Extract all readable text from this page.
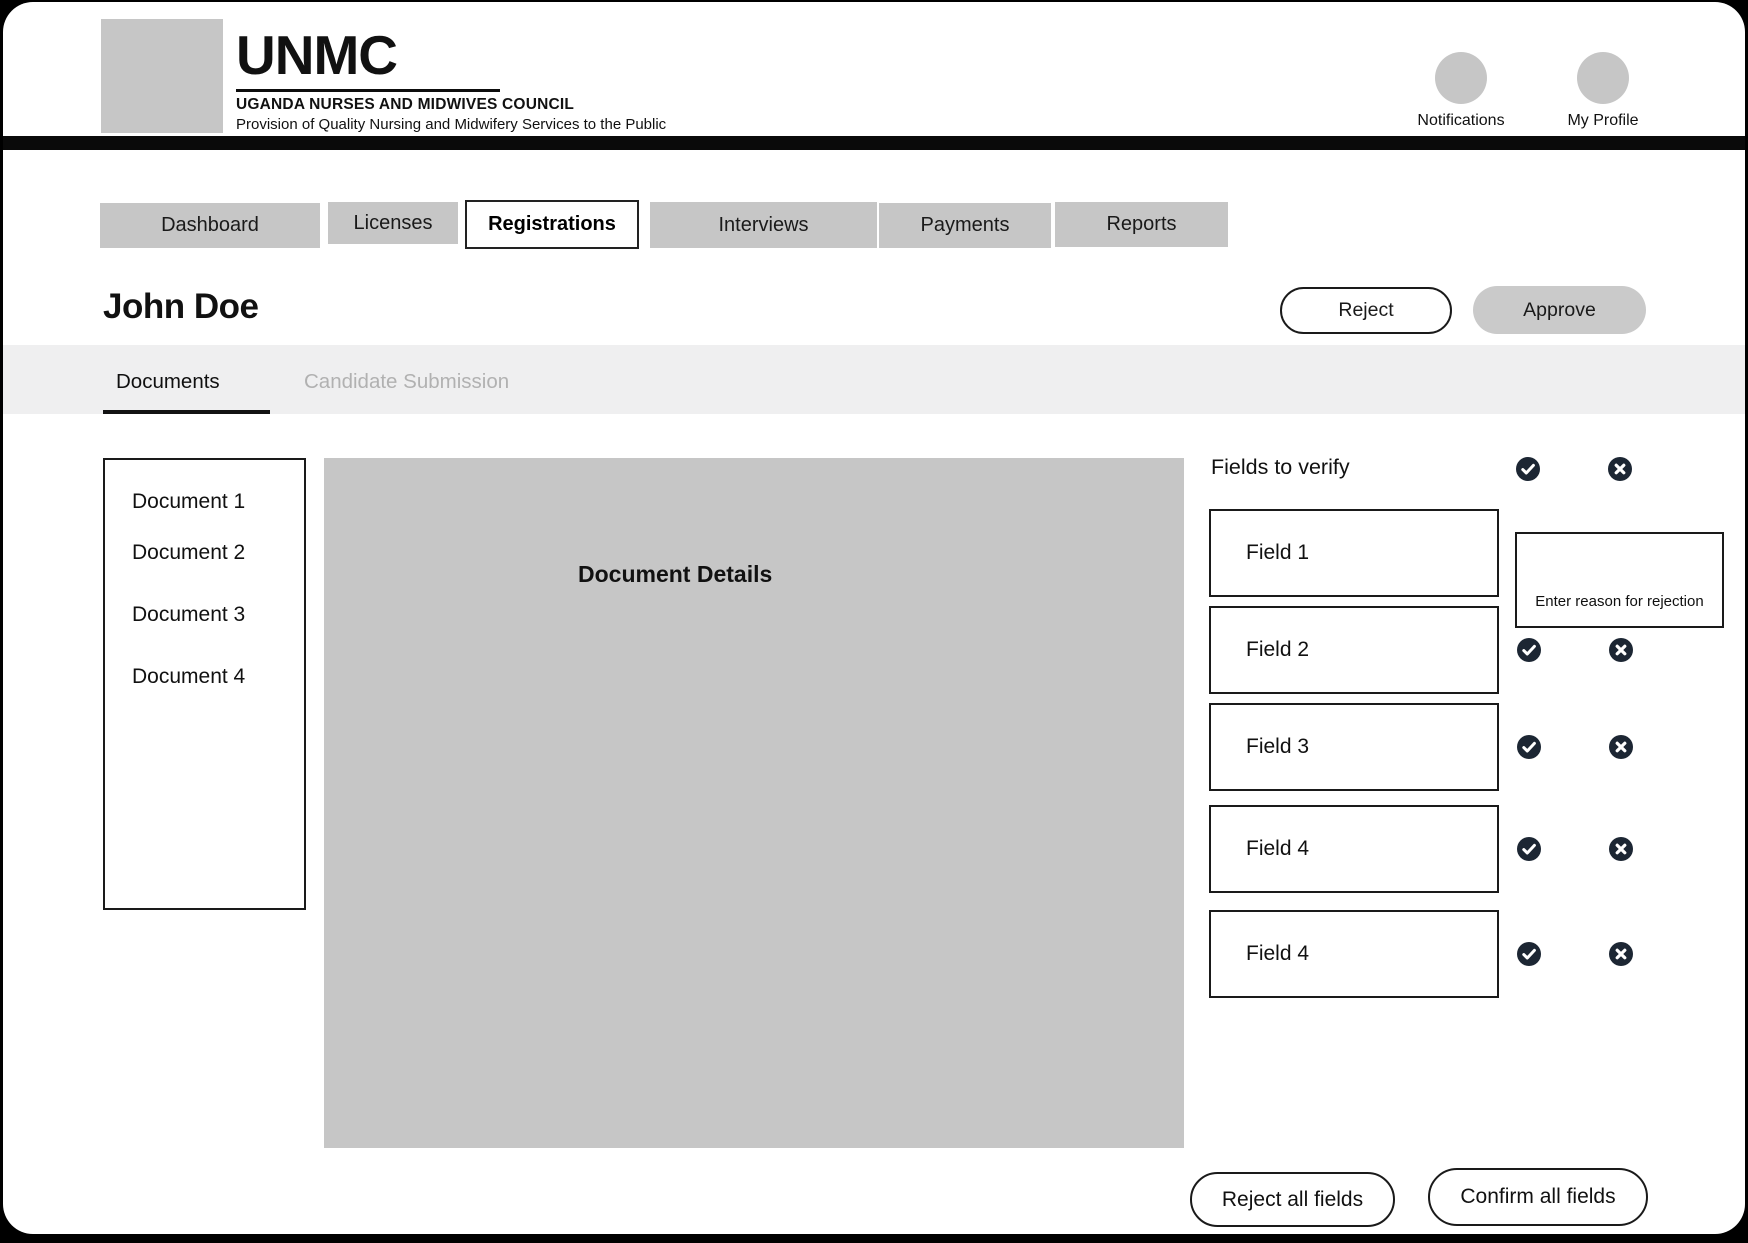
UNMC
UGANDA NURSES AND MIDWIVES COUNCIL
Provision of Quality Nursing and Midwifery Services to the Public	Notifications	My Profile
Dashboard	Licenses	Registrations	Interviews	Payments	Reports
John Doe	Reject	Approve
Documents	Candidate Submission
Document 1
Document 2
Document 3
Document 4
Document Details
Fields to verify
Field 1
Field 2
Field 3
Field 4
Field 4
Enter reason for rejection
Reject all fields	Confirm all fields
